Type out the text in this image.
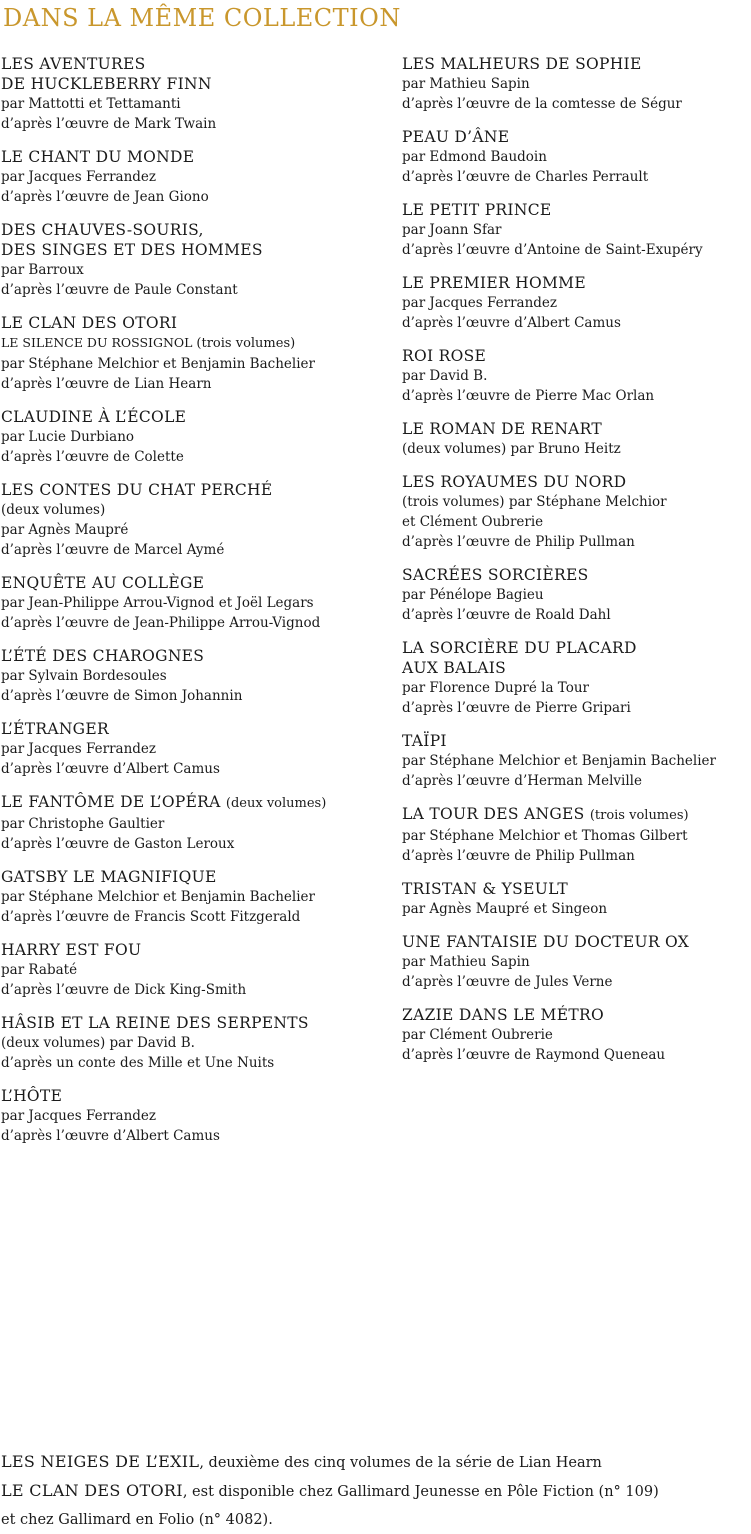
DANS LA MÊME COLLECTION
LES AVENTURES
DE HUCKLEBERRY FINN
par Mattotti et Tettamanti
d’après l’œuvre de Mark Twain
LE CHANT DU MONDE
par Jacques Ferrandez
d’après l’œuvre de Jean Giono
DES CHAUVES-SOURIS,
DES SINGES ET DES HOMMES
par Barroux
d’après l’œuvre de Paule Constant
LE CLAN DES OTORI
LE SILENCE DU ROSSIGNOL (trois volumes)
par Stéphane Melchior et Benjamin Bachelier
d’après l’œuvre de Lian Hearn
CLAUDINE À L’ÉCOLE
par Lucie Durbiano
d’après l’œuvre de Colette
LES CONTES DU CHAT PERCHÉ
(deux volumes)
par Agnès Maupré
d’après l’œuvre de Marcel Aymé
ENQUÊTE AU COLLÈGE
par Jean-Philippe Arrou-Vignod et Joël Legars
d’après l’œuvre de Jean-Philippe Arrou-Vignod
L’ÉTÉ DES CHAROGNES
par Sylvain Bordesoules
d’après l’œuvre de Simon Johannin
L’ÉTRANGER
par Jacques Ferrandez
d’après l’œuvre d’Albert Camus
LE FANTÔME DE L’OPÉRA (deux volumes)
par Christophe Gaultier
d’après l’œuvre de Gaston Leroux
GATSBY LE MAGNIFIQUE
par Stéphane Melchior et Benjamin Bachelier
d’après l’œuvre de Francis Scott Fitzgerald
HARRY EST FOU
par Rabaté
d’après l’œuvre de Dick King-Smith
HÂSIB ET LA REINE DES SERPENTS
(deux volumes) par David B.
d’après un conte des Mille et Une Nuits
L’HÔTE
par Jacques Ferrandez
d’après l’œuvre d’Albert Camus
LES MALHEURS DE SOPHIE
par Mathieu Sapin
d’après l’œuvre de la comtesse de Ségur
PEAU D’ÂNE
par Edmond Baudoin
d’après l’œuvre de Charles Perrault
LE PETIT PRINCE
par Joann Sfar
d’après l’œuvre d’Antoine de Saint-Exupéry
LE PREMIER HOMME
par Jacques Ferrandez
d’après l’œuvre d’Albert Camus
ROI ROSE
par David B.
d’après l’œuvre de Pierre Mac Orlan
LE ROMAN DE RENART
(deux volumes) par Bruno Heitz
LES ROYAUMES DU NORD
(trois volumes) par Stéphane Melchior
et Clément Oubrerie
d’après l’œuvre de Philip Pullman
SACRÉES SORCIÈRES
par Pénélope Bagieu
d’après l’œuvre de Roald Dahl
LA SORCIÈRE DU PLACARD
AUX BALAIS
par Florence Dupré la Tour
d’après l’œuvre de Pierre Gripari
TAÏPI
par Stéphane Melchior et Benjamin Bachelier
d’après l’œuvre d’Herman Melville
LA TOUR DES ANGES (trois volumes)
par Stéphane Melchior et Thomas Gilbert
d’après l’œuvre de Philip Pullman
TRISTAN & YSEULT
par Agnès Maupré et Singeon
UNE FANTAISIE DU DOCTEUR OX
par Mathieu Sapin
d’après l’œuvre de Jules Verne
ZAZIE DANS LE MÉTRO
par Clément Oubrerie
d’après l’œuvre de Raymond Queneau
LES NEIGES DE L’EXIL, deuxième des cinq volumes de la série de Lian Hearn
LE CLAN DES OTORI, est disponible chez Gallimard Jeunesse en Pôle Fiction (n° 109)
et chez Gallimard en Folio (n° 4082).
